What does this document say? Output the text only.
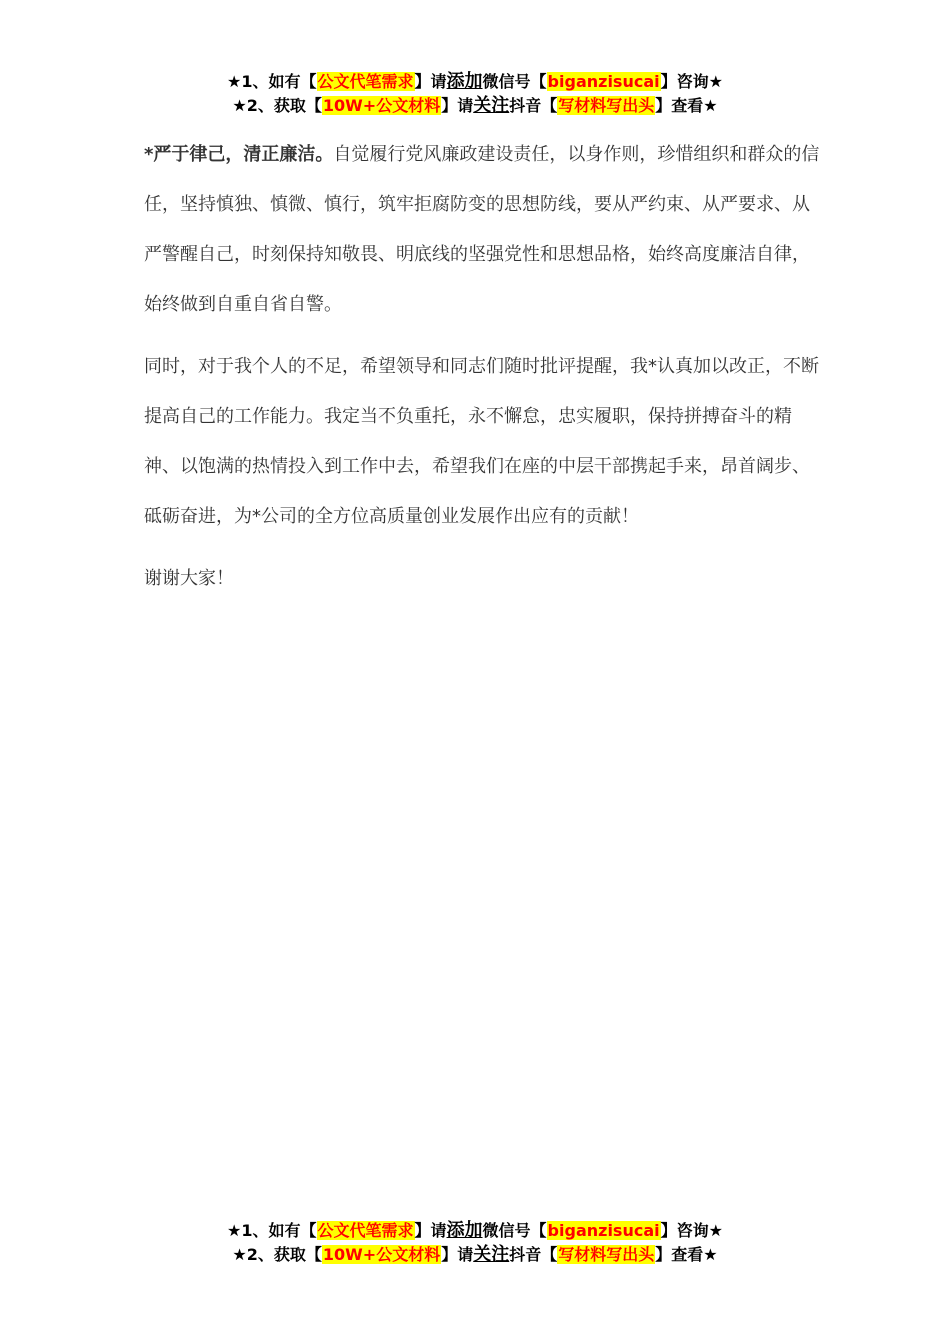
★1、如有【公文代笔需求】请添加微信号【biganzisucai】咨询★
★2、获取【10W+公文材料】请关注抖音【写材料写出头】查看★

*严于律己，清正廉洁。自觉履行党风廉政建设责任，以身作则，珍惜组织和群众的信任，坚持慎独、慎微、慎行，筑牢拒腐防变的思想防线，要从严约束、从严要求、从严警醒自己，时刻保持知敬畏、明底线的坚强党性和思想品格，始终高度廉洁自律，始终做到自重自省自警。

同时，对于我个人的不足，希望领导和同志们随时批评提醒，我*认真加以改正，不断提高自己的工作能力。我定当不负重托，永不懈怠，忠实履职，保持拼搏奋斗的精神、以饱满的热情投入到工作中去，希望我们在座的中层干部携起手来，昂首阔步、砥砺奋进，为*公司的全方位高质量创业发展作出应有的贡献！

谢谢大家！

★1、如有【公文代笔需求】请添加微信号【biganzisucai】咨询★
★2、获取【10W+公文材料】请关注抖音【写材料写出头】查看★
